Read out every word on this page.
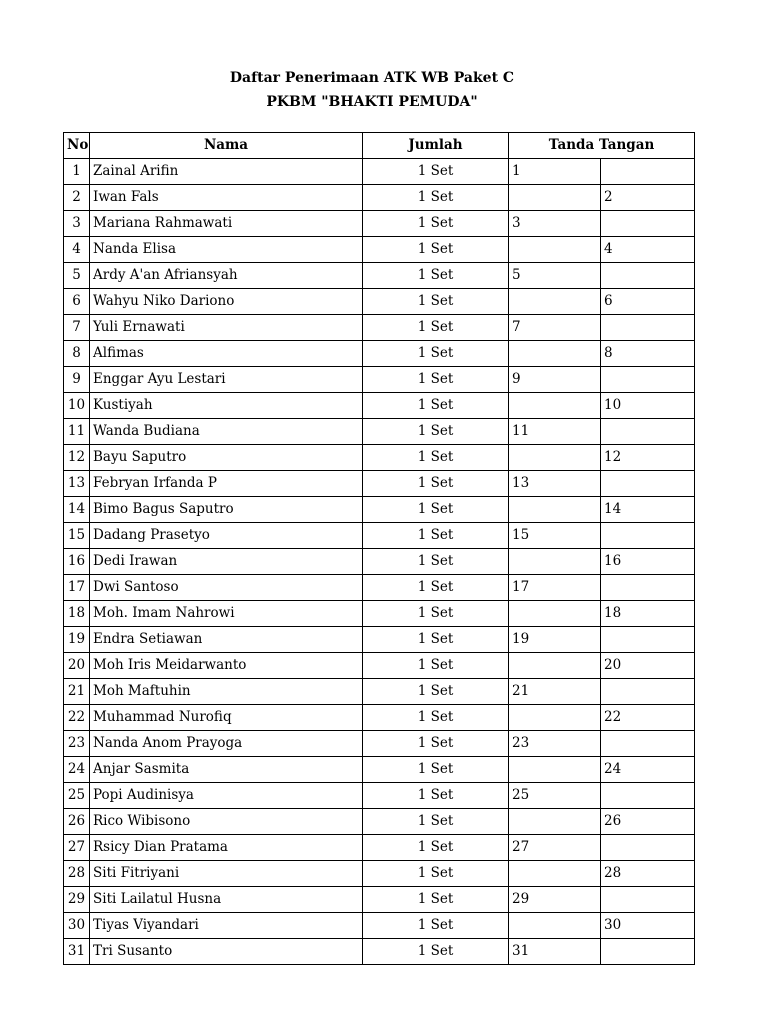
Daftar Penerimaan ATK WB Paket C
PKBM "BHAKTI PEMUDA"
No	Nama	Jumlah	Tanda Tangan	
1	Zainal Arifin	1 Set	1	
2	Iwan Fals	1 Set		2
3	Mariana Rahmawati	1 Set	3	
4	Nanda Elisa	1 Set		4
5	Ardy A'an Afriansyah	1 Set	5	
6	Wahyu Niko Dariono	1 Set		6
7	Yuli Ernawati	1 Set	7	
8	Alfimas	1 Set		8
9	Enggar Ayu Lestari	1 Set	9	
10	Kustiyah	1 Set		10
11	Wanda Budiana	1 Set	11	
12	Bayu Saputro	1 Set		12
13	Febryan Irfanda P	1 Set	13	
14	Bimo Bagus Saputro	1 Set		14
15	Dadang Prasetyo	1 Set	15	
16	Dedi Irawan	1 Set		16
17	Dwi Santoso	1 Set	17	
18	Moh. Imam Nahrowi	1 Set		18
19	Endra Setiawan	1 Set	19	
20	Moh Iris Meidarwanto	1 Set		20
21	Moh Maftuhin	1 Set	21	
22	Muhammad Nurofiq	1 Set		22
23	Nanda Anom Prayoga	1 Set	23	
24	Anjar Sasmita	1 Set		24
25	Popi Audinisya	1 Set	25	
26	Rico Wibisono	1 Set		26
27	Rsicy Dian Pratama	1 Set	27	
28	Siti Fitriyani	1 Set		28
29	Siti Lailatul Husna	1 Set	29	
30	Tiyas Viyandari	1 Set		30
31	Tri Susanto	1 Set	31	
